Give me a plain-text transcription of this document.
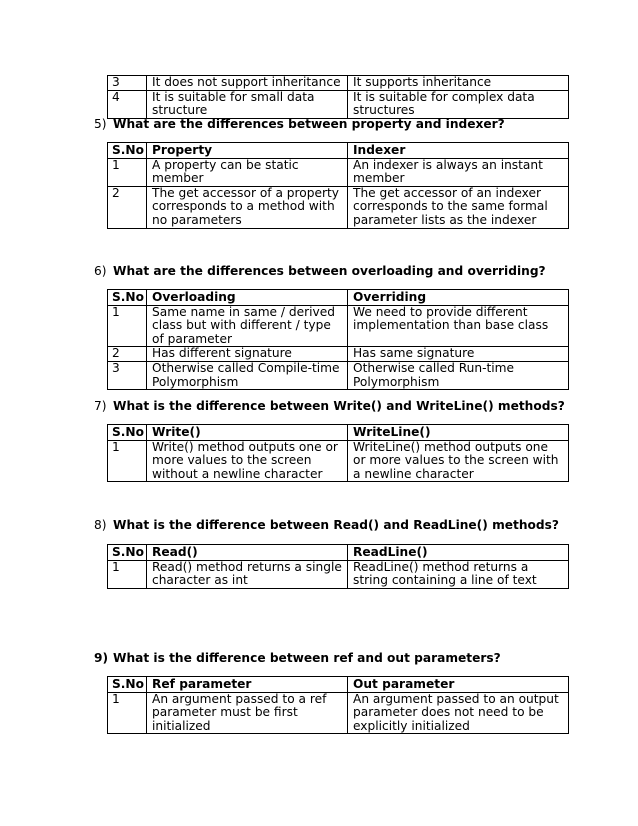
3	It does not support inheritance	It supports inheritance
4	It is suitable for small data structure	It is suitable for complex data structures
5) What are the differences between property and indexer?
S.No	Property	Indexer
1	A property can be static member	An indexer is always an instant member
2	The get accessor of a property corresponds to a method with no parameters	The get accessor of an indexer corresponds to the same formal parameter lists as the indexer
6) What are the differences between overloading and overriding?
S.No	Overloading	Overriding
1	Same name in same / derived class but with different / type of parameter	We need to provide different implementation than base class
2	Has different signature	Has same signature
3	Otherwise called Compile-time Polymorphism	Otherwise called Run-time Polymorphism
7) What is the difference between Write() and WriteLine() methods?
S.No	Write()	WriteLine()
1	Write() method outputs one or more values to the screen without a newline character	WriteLine() method outputs one or more values to the screen with a newline character
8) What is the difference between Read() and ReadLine() methods?
S.No	Read()	ReadLine()
1	Read() method returns a single character as int	ReadLine() method returns a string containing a line of text
9) What is the difference between ref and out parameters?
S.No	Ref parameter	Out parameter
1	An argument passed to a ref parameter must be first initialized	An argument passed to an output parameter does not need to be explicitly initialized
